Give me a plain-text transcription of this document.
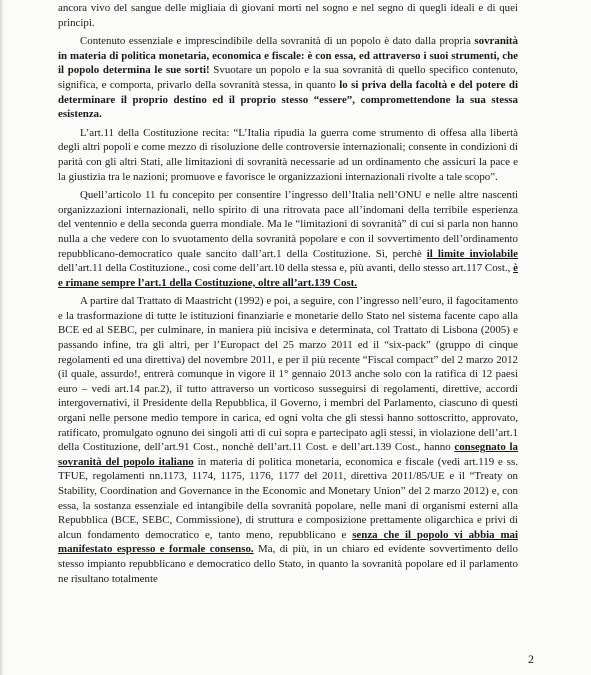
ancora vivo del sangue delle migliaia di giovani morti nel sogno e nel segno di quegli ideali e di quei principi.

Contenuto essenziale e imprescindibile della sovranità di un popolo è dato dalla propria sovranità in materia di politica monetaria, economica e fiscale: è con essa, ed attraverso i suoi strumenti, che il popolo determina le sue sorti! Svuotare un popolo e la sua sovranità di quello specifico contenuto, significa, e comporta, privarlo della sovranità stessa, in quanto lo si priva della facoltà e del potere di determinare il proprio destino ed il proprio stesso “essere”, compromettendone la sua stessa esistenza.

L’art.11 della Costituzione recita: “L’Italia ripudia la guerra come strumento di offesa alla libertà degli altri popoli e come mezzo di risoluzione delle controversie internazionali; consente in condizioni di parità con gli altri Stati, alle limitazioni di sovranità necessarie ad un ordinamento che assicuri la pace e la giustizia tra le nazioni; promuove e favorisce le organizzazioni internazionali rivolte a tale scopo”.

Quell’articolo 11 fu concepito per consentire l’ingresso dell’Italia nell’ONU e nelle altre nascenti organizzazioni internazionali, nello spirito di una ritrovata pace all’indomani della terribile esperienza del ventennio e della seconda guerra mondiale. Ma le “limitazioni di sovranità” di cui si parla non hanno nulla a che vedere con lo svuotamento della sovranità popolare e con il sovvertimento dell’ordinamento repubblicano-democratico quale sancito dall’art.1 della Costituzione. Sì, perchè il limite inviolabile dell’art.11 della Costituzione., così come dell’art.10 della stessa e, più avanti, dello stesso art.117 Cost., è e rimane sempre l’art.1 della Costituzione, oltre all’art.139 Cost.

A partire dal Trattato di Maastricht (1992) e poi, a seguire, con l’ingresso nell’euro, il fagocitamento e la trasformazione di tutte le istituzioni finanziarie e monetarie dello Stato nel sistema facente capo alla BCE ed al SEBC, per culminare, in maniera più incisiva e determinata, col Trattato di Lisbona (2005) e passando infine, tra gli altri, per l’Europact del 25 marzo 2011 ed il “six-pack” (gruppo di cinque regolamenti ed una direttiva) del novembre 2011, e per il più recente “Fiscal compact” del 2 marzo 2012 (il quale, assurdo!, entrerà comunque in vigore il 1° gennaio 2013 anche solo con la ratifica di 12 paesi euro – vedi art.14 par.2), il tutto attraverso un vorticoso susseguirsi di regolamenti, direttive, accordi intergovernativi, il Presidente della Repubblica, il Governo, i membri del Parlamento, ciascuno di questi organi nelle persone medio tempore in carica, ed ogni volta che gli stessi hanno sottoscritto, approvato, ratificato, promulgato ognuno dei singoli atti di cui sopra e partecipato agli stessi, in violazione dell’art.1 della Costituzione, dell’art.91 Cost., nonchè dell’art.11 Cost. e dell’art.139 Cost., hanno consegnato la sovranità del popolo italiano in materia di politica monetaria, economica e fiscale (vedi art.119 e ss. TFUE, regolamenti nn.1173, 1174, 1175, 1176, 1177 del 2011, direttiva 2011/85/UE e il “Treaty on Stability, Coordination and Governance in the Economic and Monetary Union” del 2 marzo 2012) e, con essa, la sostanza essenziale ed intangibile della sovranità popolare, nelle mani di organismi esterni alla Repubblica (BCE, SEBC, Commissione), di struttura e composizione prettamente oligarchica e privi di alcun fondamento democratico e, tanto meno, repubblicano e senza che il popolo vi abbia mai manifestato espresso e formale consenso. Ma, di più, in un chiaro ed evidente sovvertimento dello stesso impianto repubblicano e democratico dello Stato, in quanto la sovranità popolare ed il parlamento ne risultano totalmente

2
